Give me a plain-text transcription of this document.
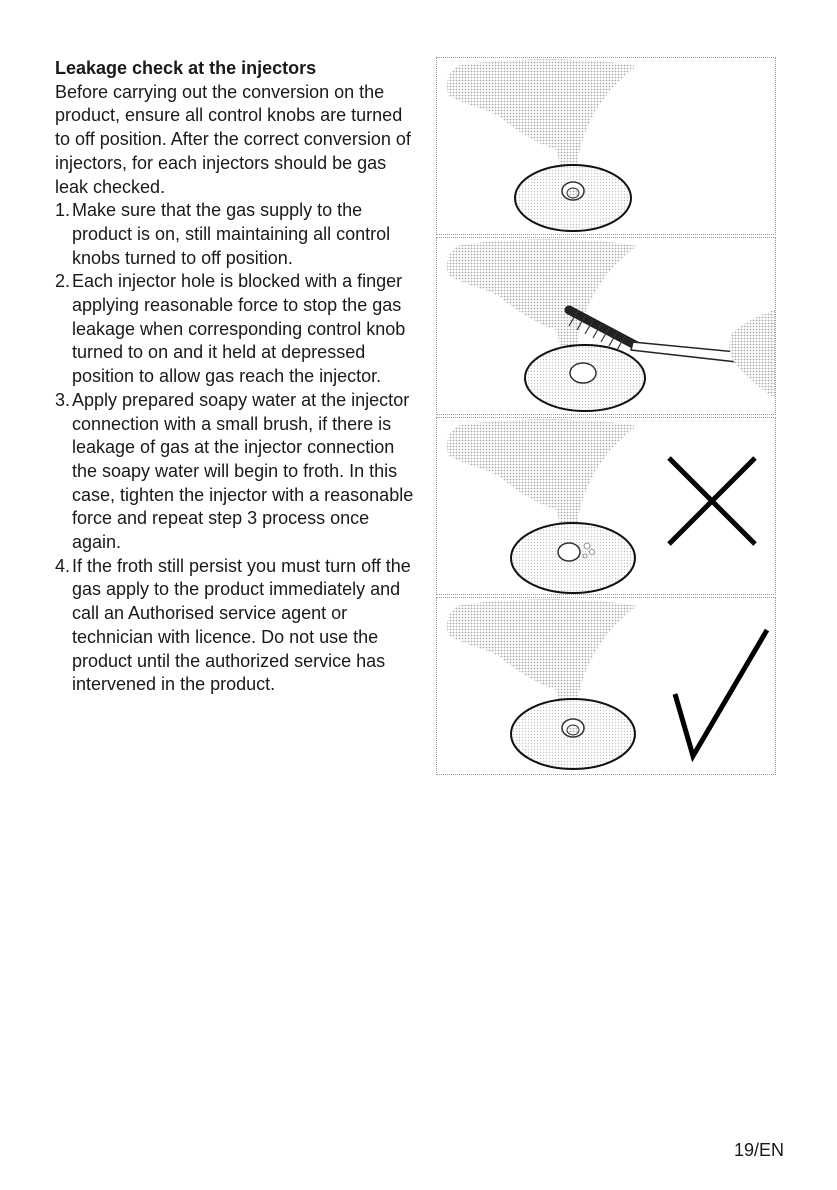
Leakage check at the injectors

Before carrying out the conversion on the product, ensure all control knobs are turned to off position. After the correct conversion of injectors, for each injectors should be gas leak checked.

1. Make sure that the gas supply to the product is on, still maintaining all control knobs turned to off position.
2. Each injector hole is blocked with a finger applying reasonable force to stop the gas leakage when corresponding control knob turned to on and it held at depressed position to allow gas reach the injector.
3. Apply prepared soapy water at the injector connection with a small brush, if there is leakage of gas at the injector connection the soapy water will begin to froth. In this case, tighten the injector with a reasonable force and repeat step 3 process once again.
4. If the froth still persist you must turn off the gas apply to the product immediately and call an Authorised service agent or technician with licence. Do not use the product until the authorized service has intervened in the product.
19/EN
